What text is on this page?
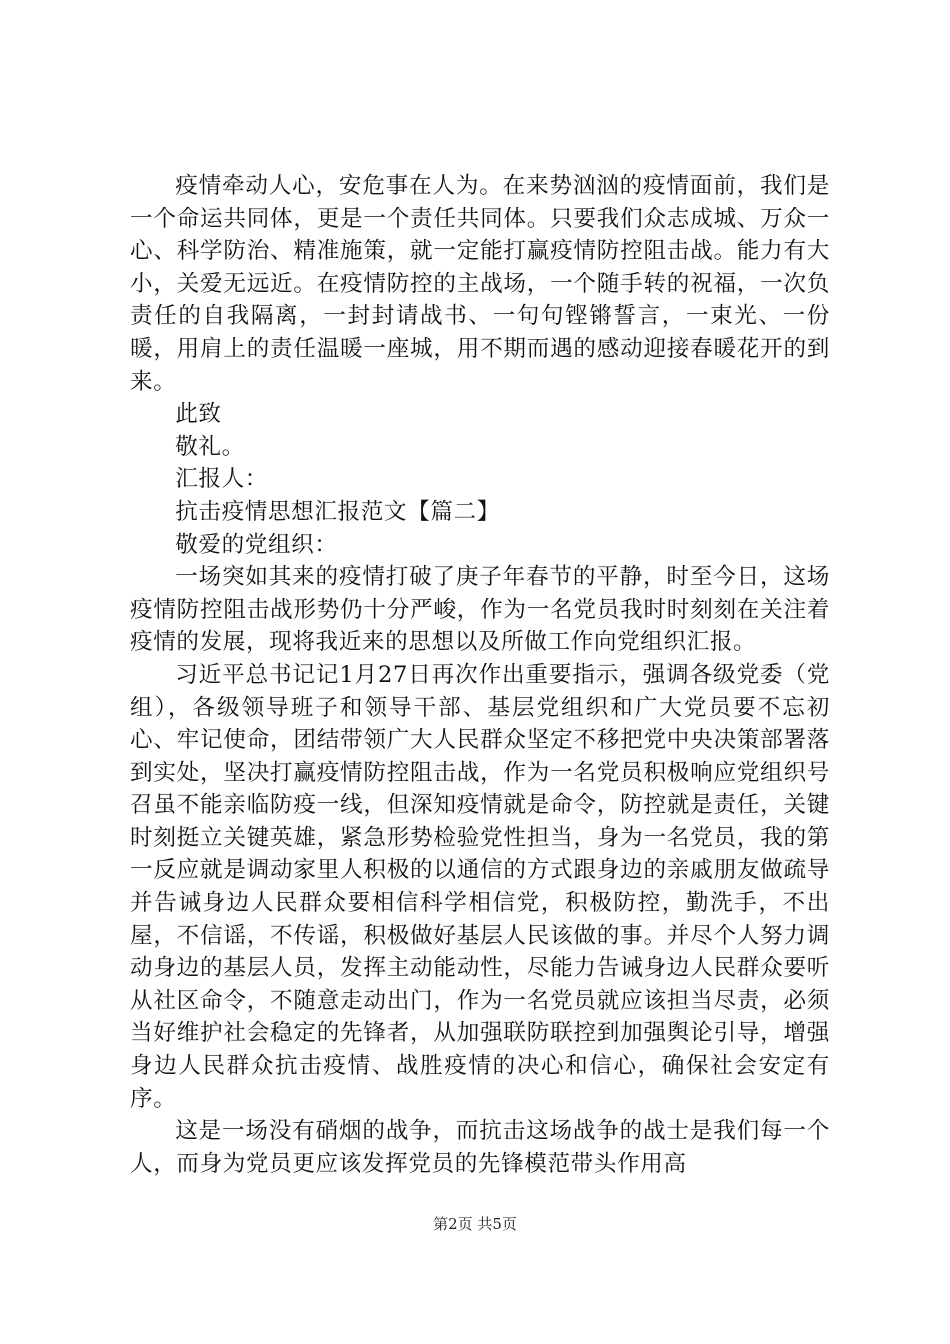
疫情牵动人心，安危事在人为。在来势汹汹的疫情面前，我们是一个命运共同体，更是一个责任共同体。只要我们众志成城、万众一心、科学防治、精准施策，就一定能打赢疫情防控阻击战。能力有大小，关爱无远近。在疫情防控的主战场，一个随手转的祝福，一次负责任的自我隔离，一封封请战书、一句句铿锵誓言，一束光、一份暖，用肩上的责任温暖一座城，用不期而遇的感动迎接春暖花开的到来。

此致

敬礼。

汇报人：

抗击疫情思想汇报范文【篇二】

敬爱的党组织：

一场突如其来的疫情打破了庚子年春节的平静，时至今日，这场疫情防控阻击战形势仍十分严峻，作为一名党员我时时刻刻在关注着疫情的发展，现将我近来的思想以及所做工作向党组织汇报。

习近平总书记记1月27日再次作出重要指示，强调各级党委（党组），各级领导班子和领导干部、基层党组织和广大党员要不忘初心、牢记使命，团结带领广大人民群众坚定不移把党中央决策部署落到实处，坚决打赢疫情防控阻击战，作为一名党员积极响应党组织号召虽不能亲临防疫一线，但深知疫情就是命令，防控就是责任，关键时刻挺立关键英雄，紧急形势检验党性担当，身为一名党员，我的第一反应就是调动家里人积极的以通信的方式跟身边的亲戚朋友做疏导并告诫身边人民群众要相信科学相信党，积极防控，勤洗手，不出屋，不信谣，不传谣，积极做好基层人民该做的事。并尽个人努力调动身边的基层人员，发挥主动能动性，尽能力告诫身边人民群众要听从社区命令，不随意走动出门，作为一名党员就应该担当尽责，必须当好维护社会稳定的先锋者，从加强联防联控到加强舆论引导，增强身边人民群众抗击疫情、战胜疫情的决心和信心，确保社会安定有序。

这是一场没有硝烟的战争，而抗击这场战争的战士是我们每一个人，而身为党员更应该发挥党员的先锋模范带头作用高

第2页 共5页
